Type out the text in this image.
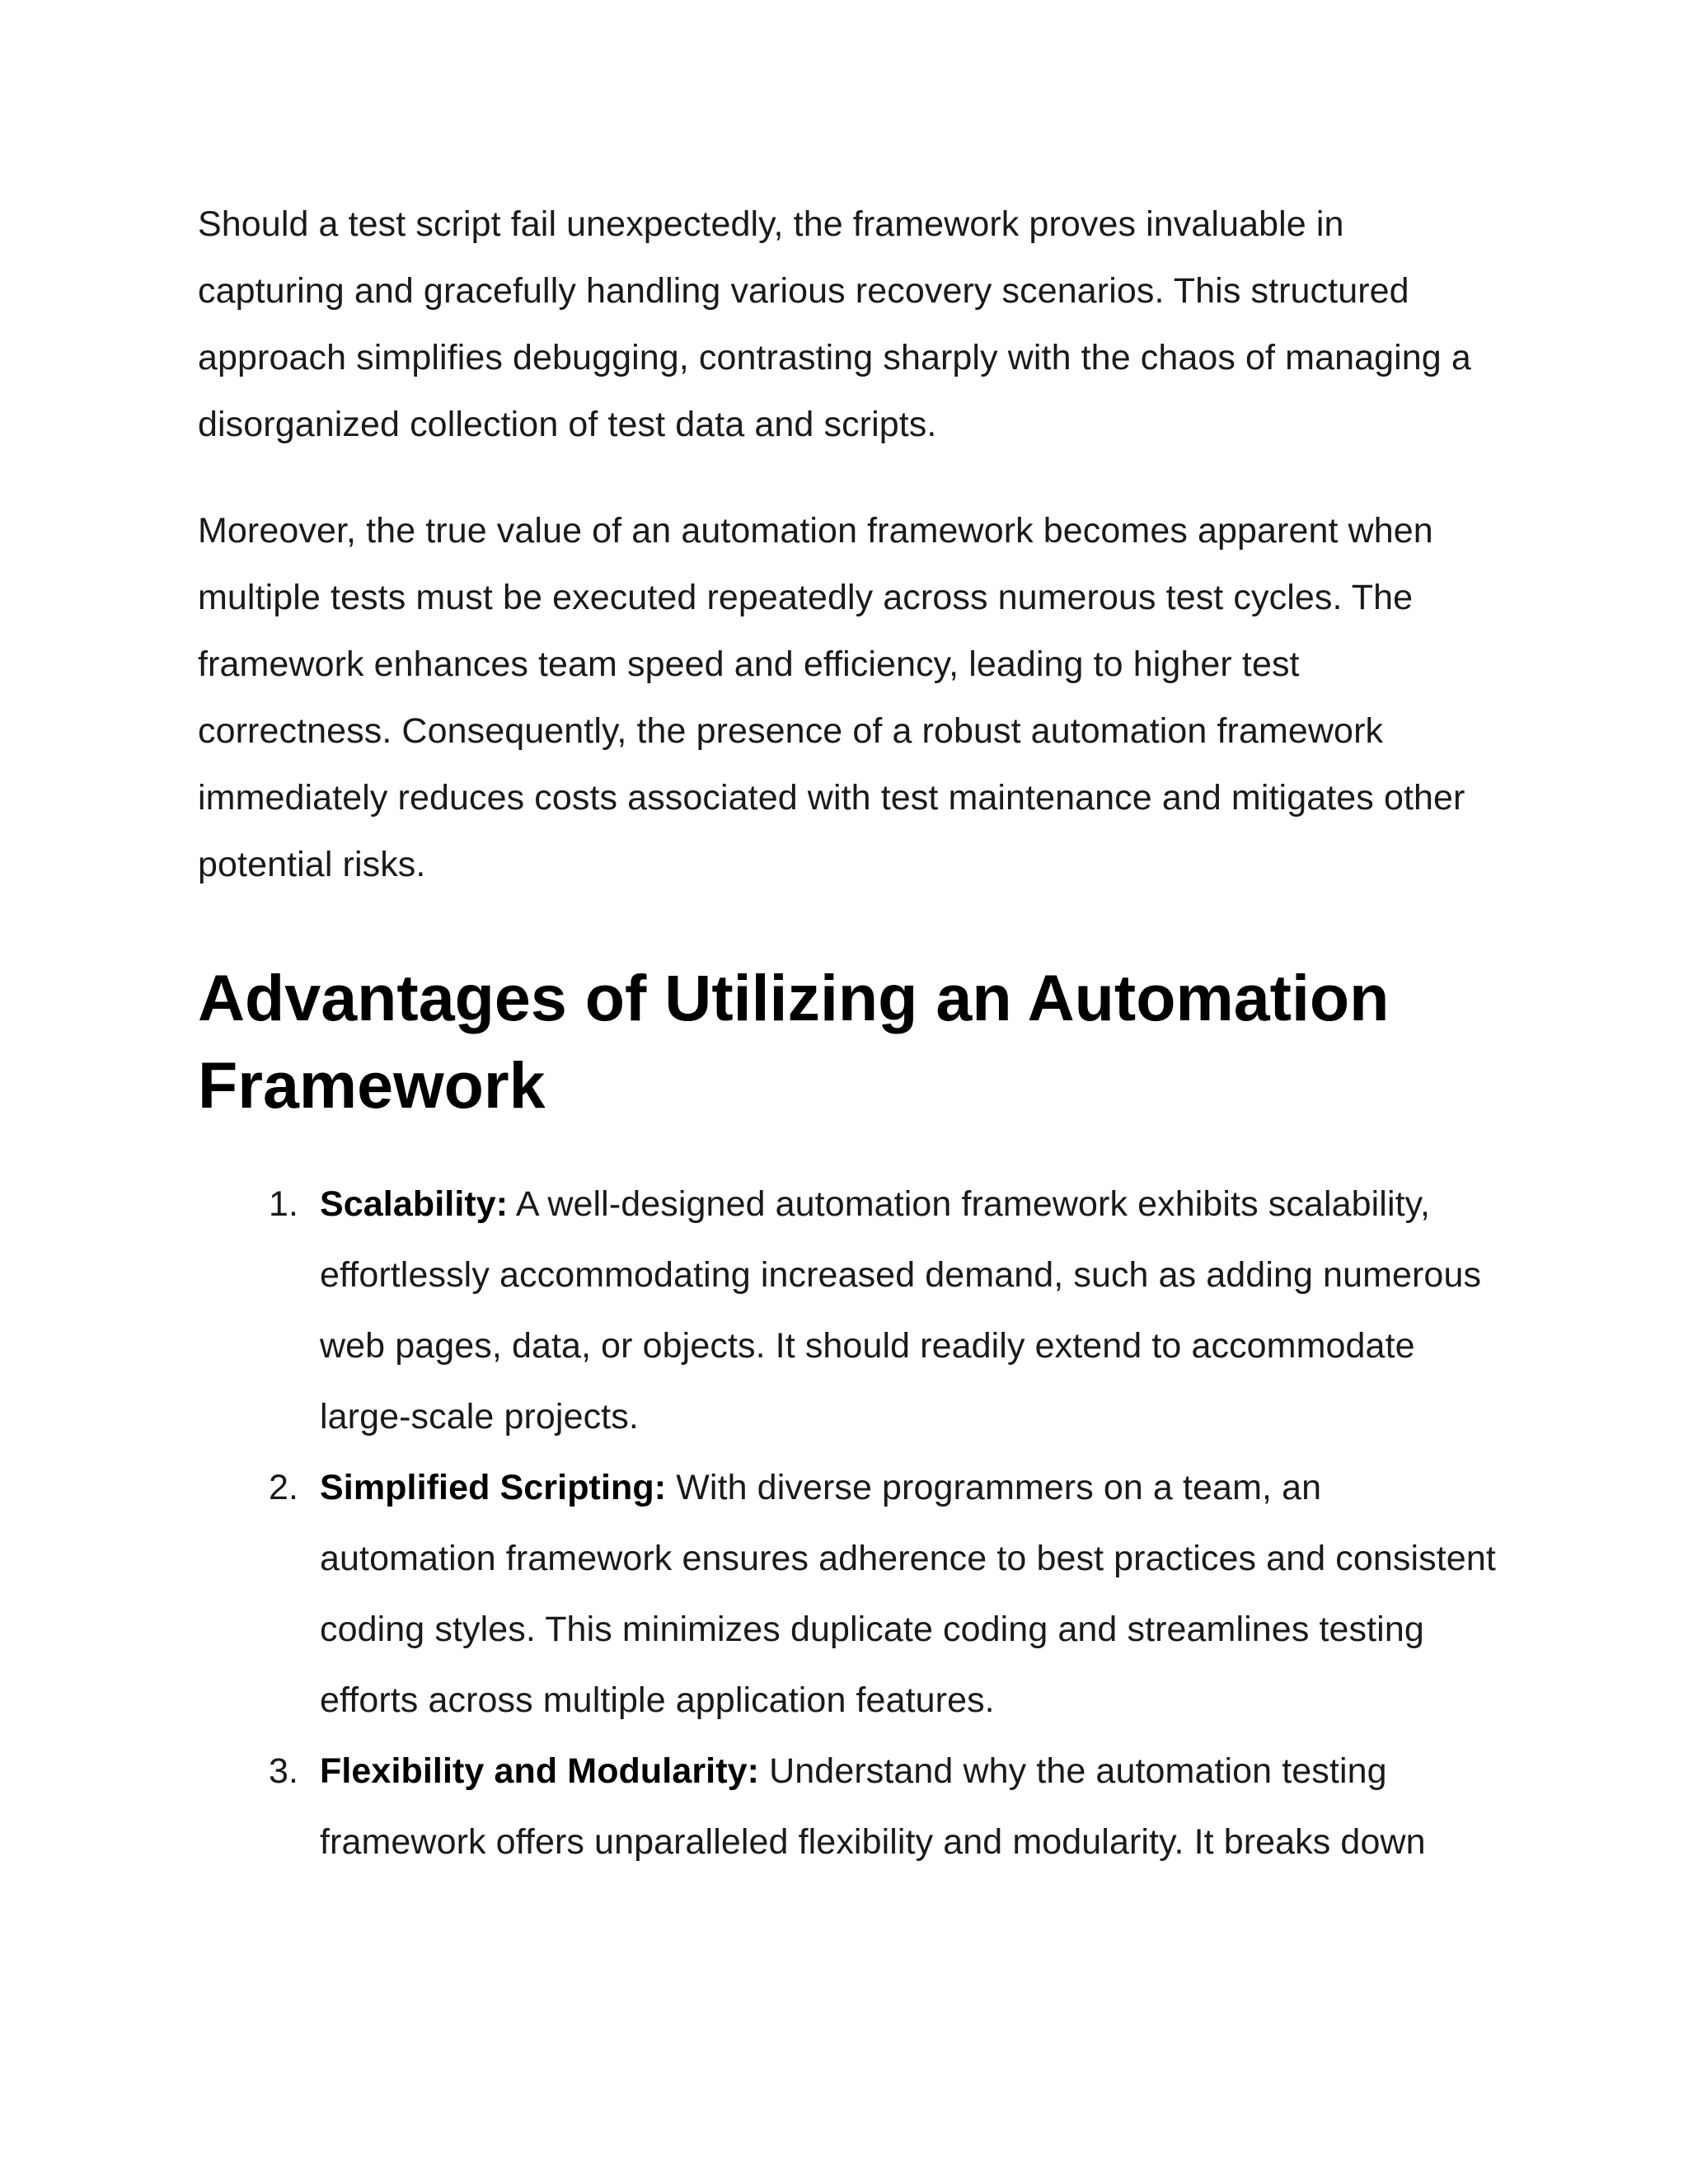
Should a test script fail unexpectedly, the framework proves invaluable in capturing and gracefully handling various recovery scenarios. This structured approach simplifies debugging, contrasting sharply with the chaos of managing a disorganized collection of test data and scripts.

Moreover, the true value of an automation framework becomes apparent when multiple tests must be executed repeatedly across numerous test cycles. The framework enhances team speed and efficiency, leading to higher test correctness. Consequently, the presence of a robust automation framework immediately reduces costs associated with test maintenance and mitigates other potential risks.

Advantages of Utilizing an Automation Framework
1. Scalability: A well-designed automation framework exhibits scalability, effortlessly accommodating increased demand, such as adding numerous web pages, data, or objects. It should readily extend to accommodate large-scale projects.
2. Simplified Scripting: With diverse programmers on a team, an automation framework ensures adherence to best practices and consistent coding styles. This minimizes duplicate coding and streamlines testing efforts across multiple application features.
3. Flexibility and Modularity: Understand why the automation testing framework offers unparalleled flexibility and modularity. It breaks down
